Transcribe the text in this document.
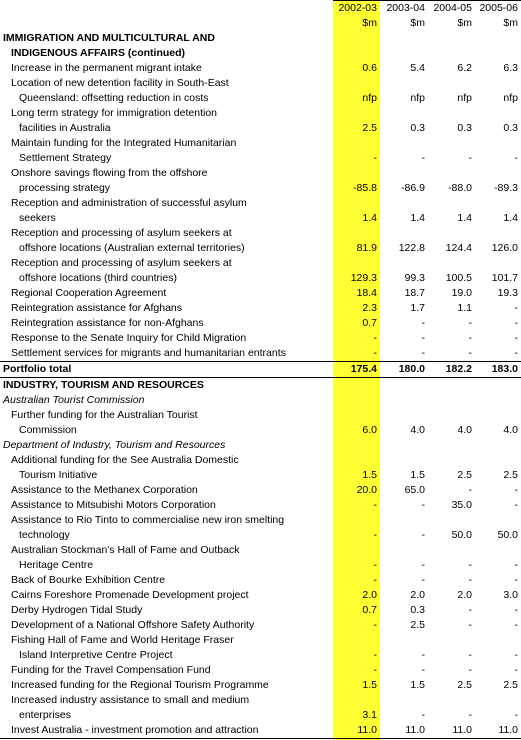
	2002-03	2003-04	2004-05	2005-06
	$m	$m	$m	$m
IMMIGRATION AND MULTICULTURAL AND				
INDIGENOUS AFFAIRS (continued)				
Increase in the permanent migrant intake	0.6	5.4	6.2	6.3
Location of new detention facility in South-East				
Queensland: offsetting reduction in costs	nfp	nfp	nfp	nfp
Long term strategy for immigration detention				
facilities in Australia	2.5	0.3	0.3	0.3
Maintain funding for the Integrated Humanitarian				
Settlement Strategy	-	-	-	-
Onshore savings flowing from the offshore				
processing strategy	-85.8	-86.9	-88.0	-89.3
Reception and administration of successful asylum				
seekers	1.4	1.4	1.4	1.4
Reception and processing of asylum seekers at				
offshore locations (Australian external territories)	81.9	122.8	124.4	126.0
Reception and processing of asylum seekers at				
offshore locations (third countries)	129.3	99.3	100.5	101.7
Regional Cooperation Agreement	18.4	18.7	19.0	19.3
Reintegration assistance for Afghans	2.3	1.7	1.1	-
Reintegration assistance for non-Afghans	0.7	-	-	-
Response to the Senate Inquiry for Child Migration	-	-	-	-
Settlement services for migrants and humanitarian entrants	-	-	-	-
Portfolio total	175.4	180.0	182.2	183.0
INDUSTRY, TOURISM AND RESOURCES				
Australian Tourist Commission				
Further funding for the Australian Tourist				
Commission	6.0	4.0	4.0	4.0
Department of Industry, Tourism and Resources				
Additional funding for the See Australia Domestic				
Tourism Initiative	1.5	1.5	2.5	2.5
Assistance to the Methanex Corporation	20.0	65.0	-	-
Assistance to Mitsubishi Motors Corporation	-	-	35.0	-
Assistance to Rio Tinto to commercialise new iron smelting				
technology	-	-	50.0	50.0
Australian Stockman's Hall of Fame and Outback				
Heritage Centre	-	-	-	-
Back of Bourke Exhibition Centre	-	-	-	-
Cairns Foreshore Promenade Development project	2.0	2.0	2.0	3.0
Derby Hydrogen Tidal Study	0.7	0.3	-	-
Development of a National Offshore Safety Authority	-	2.5	-	-
Fishing Hall of Fame and World Heritage Fraser				
Island Interpretive Centre Project	-	-	-	-
Funding for the Travel Compensation Fund	-	-	-	-
Increased funding for the Regional Tourism Programme	1.5	1.5	2.5	2.5
Increased industry assistance to small and medium				
enterprises	3.1	-	-	-
Invest Australia - investment promotion and attraction	11.0	11.0	11.0	11.0
